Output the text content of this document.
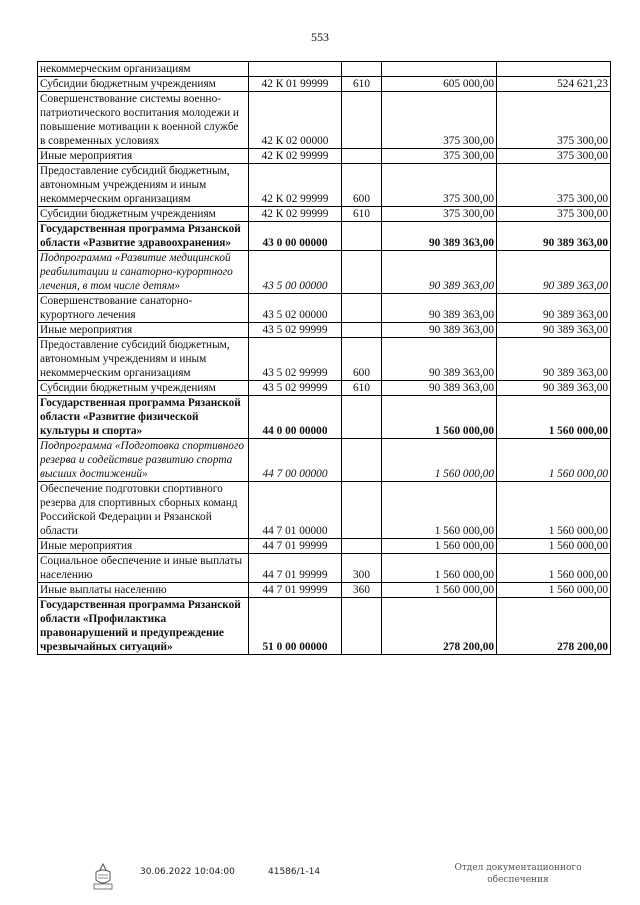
553
некоммерческим организациям				
Субсидии бюджетным учреждениям	42 К 01 99999	610	605 000,00	524 621,23
Совершенствование системы военно-патриотического воспитания молодежи и повышение мотивации к военной службе в современных условиях	42 К 02 00000		375 300,00	375 300,00
Иные мероприятия	42 К 02 99999		375 300,00	375 300,00
Предоставление субсидий бюджетным, автономным учреждениям и иным некоммерческим организациям	42 К 02 99999	600	375 300,00	375 300,00
Субсидии бюджетным учреждениям	42 К 02 99999	610	375 300,00	375 300,00
Государственная программа Рязанской области «Развитие здравоохранения»	43 0 00 00000		90 389 363,00	90 389 363,00
Подпрограмма «Развитие медицинской реабилитации и санаторно-курортного лечения, в том числе детям»	43 5 00 00000		90 389 363,00	90 389 363,00
Совершенствование санаторно-курортного лечения	43 5 02 00000		90 389 363,00	90 389 363,00
Иные мероприятия	43 5 02 99999		90 389 363,00	90 389 363,00
Предоставление субсидий бюджетным, автономным учреждениям и иным некоммерческим организациям	43 5 02 99999	600	90 389 363,00	90 389 363,00
Субсидии бюджетным учреждениям	43 5 02 99999	610	90 389 363,00	90 389 363,00
Государственная программа Рязанской области «Развитие физической культуры и спорта»	44 0 00 00000		1 560 000,00	1 560 000,00
Подпрограмма «Подготовка спортивного резерва и содействие развитию спорта высших достижений»	44 7 00 00000		1 560 000,00	1 560 000,00
Обеспечение подготовки спортивного резерва для спортивных сборных команд Российской Федерации и Рязанской области	44 7 01 00000		1 560 000,00	1 560 000,00
Иные мероприятия	44 7 01 99999		1 560 000,00	1 560 000,00
Социальное обеспечение и иные выплаты населению	44 7 01 99999	300	1 560 000,00	1 560 000,00
Иные выплаты населению	44 7 01 99999	360	1 560 000,00	1 560 000,00
Государственная программа Рязанской области «Профилактика правонарушений и предупреждение чрезвычайных ситуаций»	51 0 00 00000		278 200,00	278 200,00
30.06.2022 10:04:00	41586/1-14	Отдел документационного
обеспечения
